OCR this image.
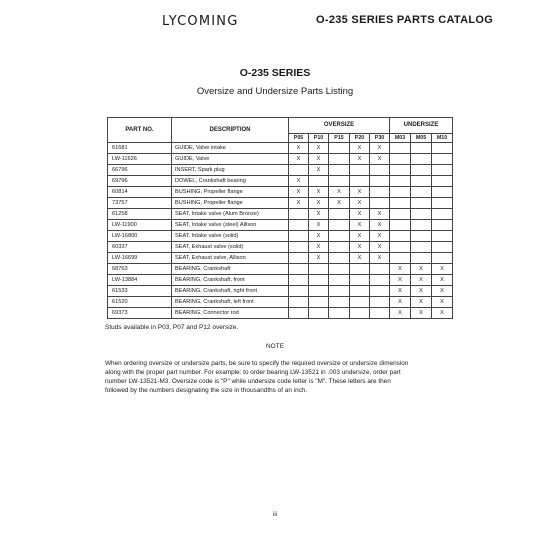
LYCOMING	O-235 SERIES PARTS CATALOG
O-235 SERIES
Oversize and Undersize Parts Listing
PART NO.	DESCRIPTION	OVERSIZE					UNDERSIZE		
		P05	P10	P15	P20	P30	M03	M05	M10
61681	GUIDE, Valve intake	X	X		X	X			
LW-11626	GUIDE, Valve	X	X		X	X			
66796	INSERT, Spark plug		X						
69796	DOWEL, Crankshaft bearing	X							
60814	BUSHING, Propeller flange	X	X	X	X				
73757	BUSHING, Propeller flange	X	X	X	X				
61258	SEAT, Intake valve (Alum Bronze)		X		X	X			
LW-11900	SEAT, Intake valve (steel) Allison		X		X	X			
LW-16800	SEAT, Intake valve (solid)		X		X	X			
60337	SEAT, Exhaust valve (solid)		X		X	X			
LW-16699	SEAT, Exhaust valve, Allison		X		X	X			
68763	BEARING, Crankshaft						X	X	X
LW-13884	BEARING, Crankshaft, front						X	X	X
61533	BEARING, Crankshaft, right front						X	X	X
61520	BEARING, Crankshaft, left front						X	X	X
69373	BEARING, Connector rod						X	X	X
Studs available in P03, P07 and P12 oversize.
NOTE
When ordering oversize or undersize parts, be sure to specify the required oversize or undersize dimension
along with the proper part number. For example: to order bearing LW-13521 in .003 undersize, order part
number LW-13521-M3. Oversize code is "P" while undersize code letter is "M". These letters are then
followed by the numbers designating the size in thousandths of an inch.
iii
